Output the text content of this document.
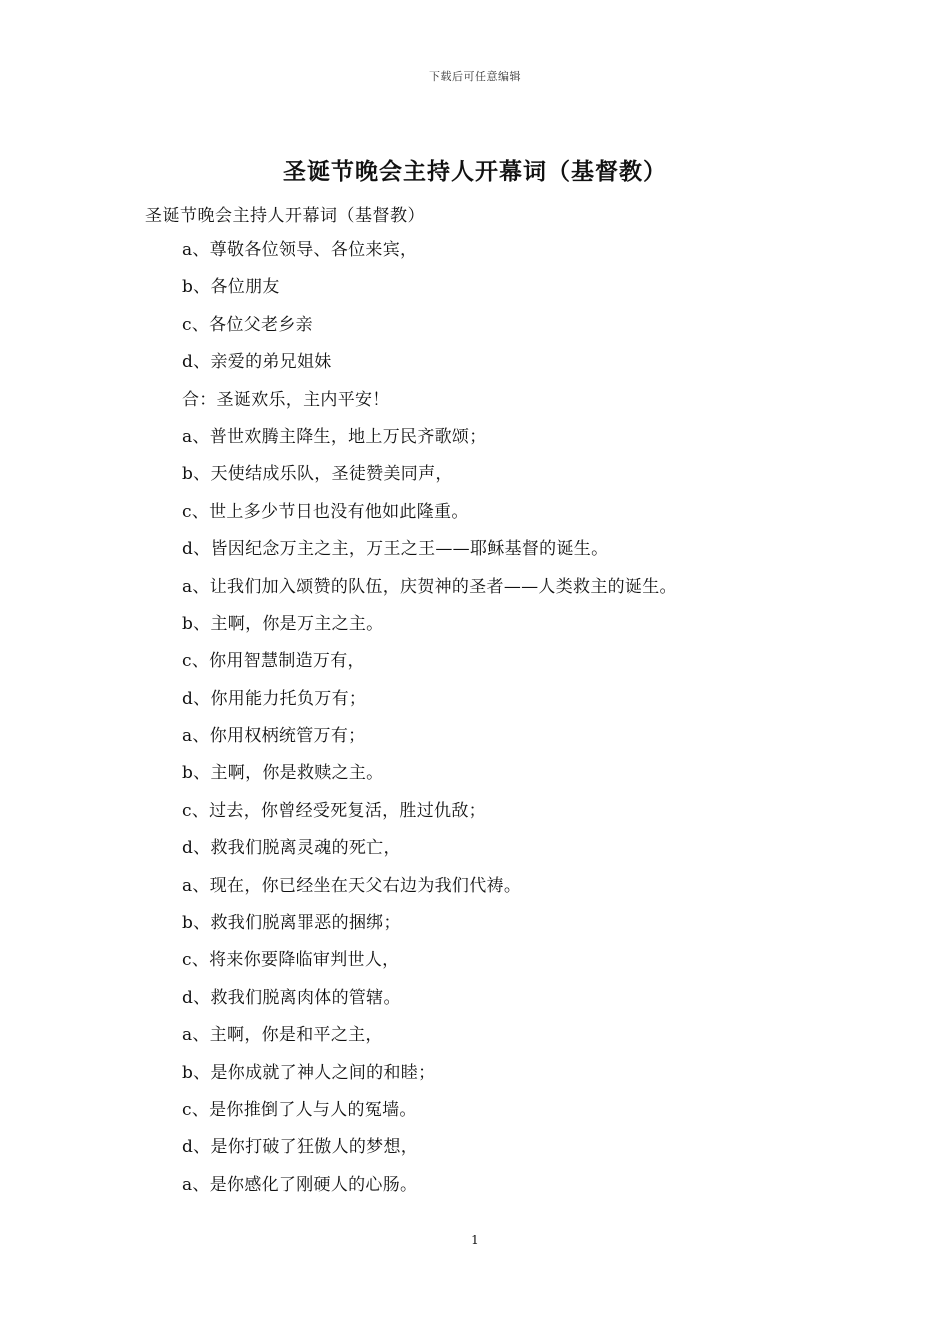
下载后可任意编辑
圣诞节晚会主持人开幕词（基督教）
圣诞节晚会主持人开幕词（基督教）
a、尊敬各位领导、各位来宾，
b、各位朋友
c、各位父老乡亲
d、亲爱的弟兄姐妹
合：圣诞欢乐，主内平安！
a、普世欢腾主降生，地上万民齐歌颂；
b、天使结成乐队，圣徒赞美同声，
c、世上多少节日也没有他如此隆重。
d、皆因纪念万主之主，万王之王——耶稣基督的诞生。
a、让我们加入颂赞的队伍，庆贺神的圣者——人类救主的诞生。
b、主啊，你是万主之主。
c、你用智慧制造万有，
d、你用能力托负万有；
a、你用权柄统管万有；
b、主啊，你是救赎之主。
c、过去，你曾经受死复活，胜过仇敌；
d、救我们脱离灵魂的死亡，
a、现在，你已经坐在天父右边为我们代祷。
b、救我们脱离罪恶的捆绑；
c、将来你要降临审判世人，
d、救我们脱离肉体的管辖。
a、主啊，你是和平之主，
b、是你成就了神人之间的和睦；
c、是你推倒了人与人的冤墙。
d、是你打破了狂傲人的梦想，
a、是你感化了刚硬人的心肠。
1
